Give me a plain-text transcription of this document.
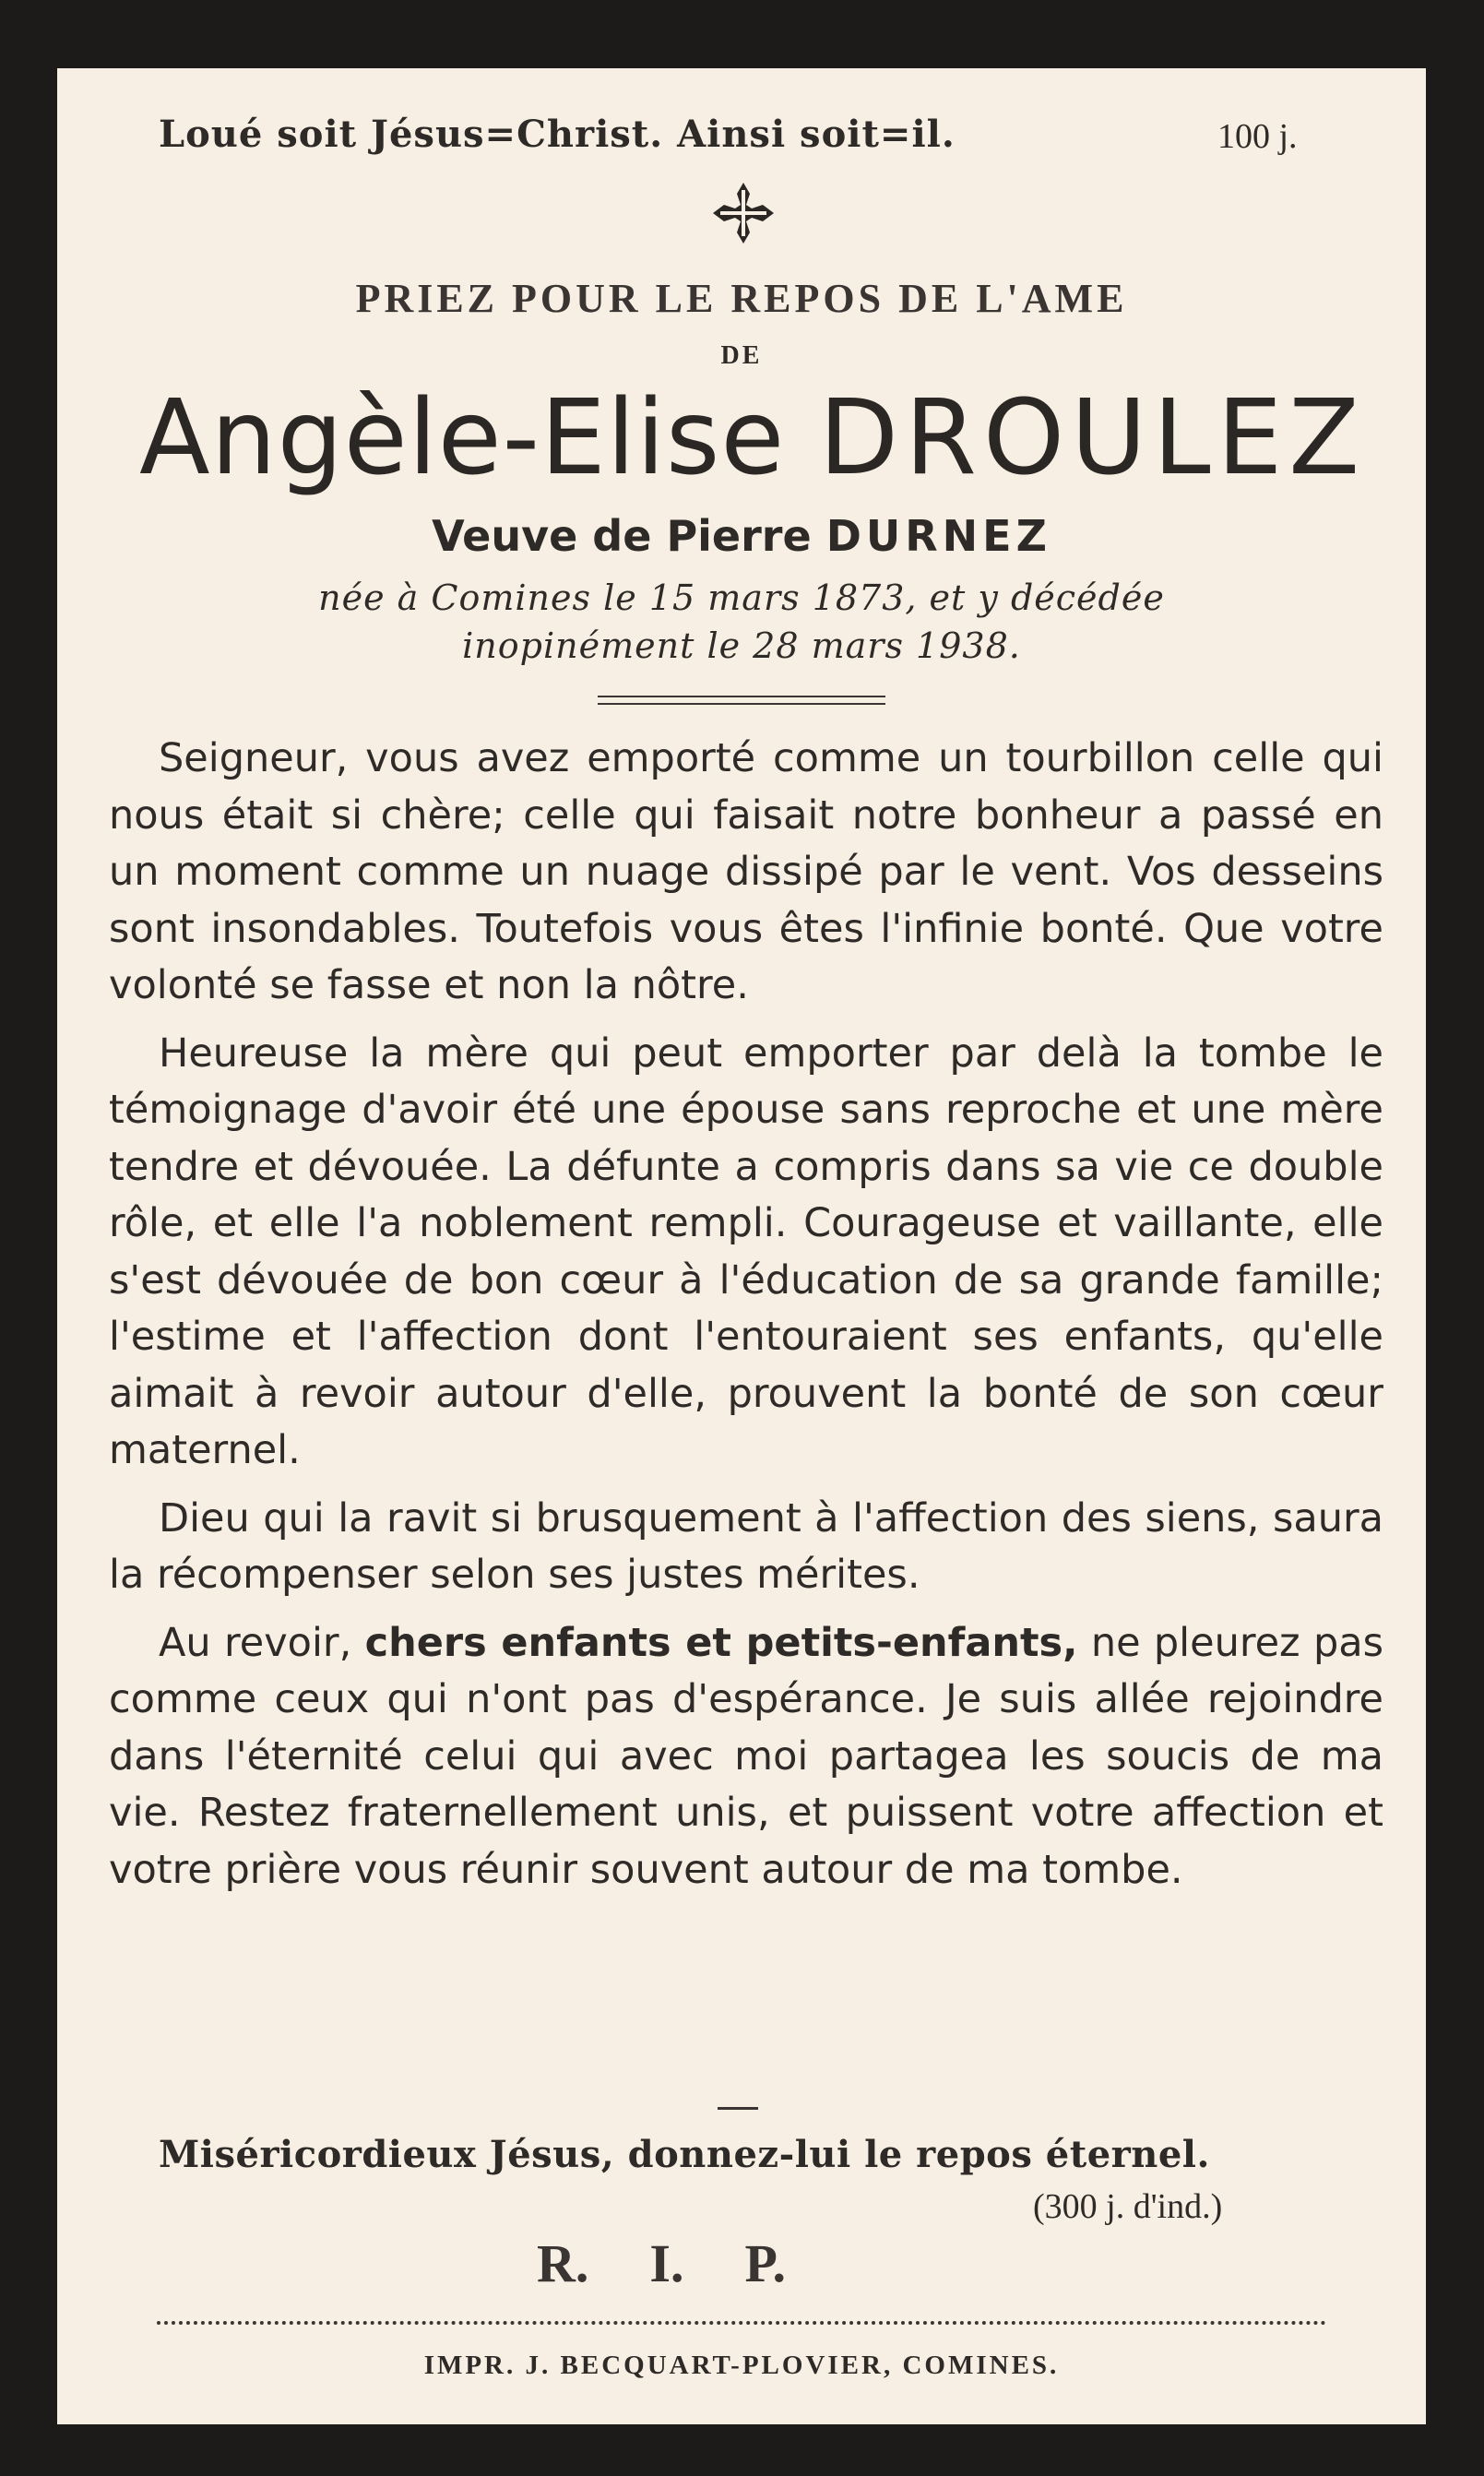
Loué soit Jésus=Christ. Ainsi soit=il.	100 j.
PRIEZ POUR LE REPOS DE L'AME
DE
Angèle-Elise DROULEZ
Veuve de Pierre DURNEZ
née à Comines le 15 mars 1873, et y décédée
inopinément le 28 mars 1938.

Seigneur, vous avez emporté comme un tourbillon celle qui nous était si chère; celle qui faisait notre bonheur a passé en un moment comme un nuage dissipé par le vent. Vos desseins sont insondables. Toutefois vous êtes l'infinie bonté. Que votre volonté se fasse et non la nôtre.

Heureuse la mère qui peut emporter par delà la tombe le témoignage d'avoir été une épouse sans reproche et une mère tendre et dévouée. La défunte a compris dans sa vie ce double rôle, et elle l'a noblement rempli. Courageuse et vaillante, elle s'est dévouée de bon cœur à l'éducation de sa grande famille; l'estime et l'affection dont l'entouraient ses enfants, qu'elle aimait à revoir autour d'elle, prouvent la bonté de son cœur maternel.

Dieu qui la ravit si brusquement à l'affection des siens, saura la récompenser selon ses justes mérites.

Au revoir, chers enfants et petits-enfants, ne pleurez pas comme ceux qui n'ont pas d'espérance. Je suis allée rejoindre dans l'éternité celui qui avec moi partagea les soucis de ma vie. Restez fraternellement unis, et puissent votre affection et votre prière vous réunir souvent autour de ma tombe.

Miséricordieux Jésus, donnez-lui le repos éternel.
(300 j. d'ind.)
R.    I.    P.
IMPR. J. BECQUART-PLOVIER, COMINES.
